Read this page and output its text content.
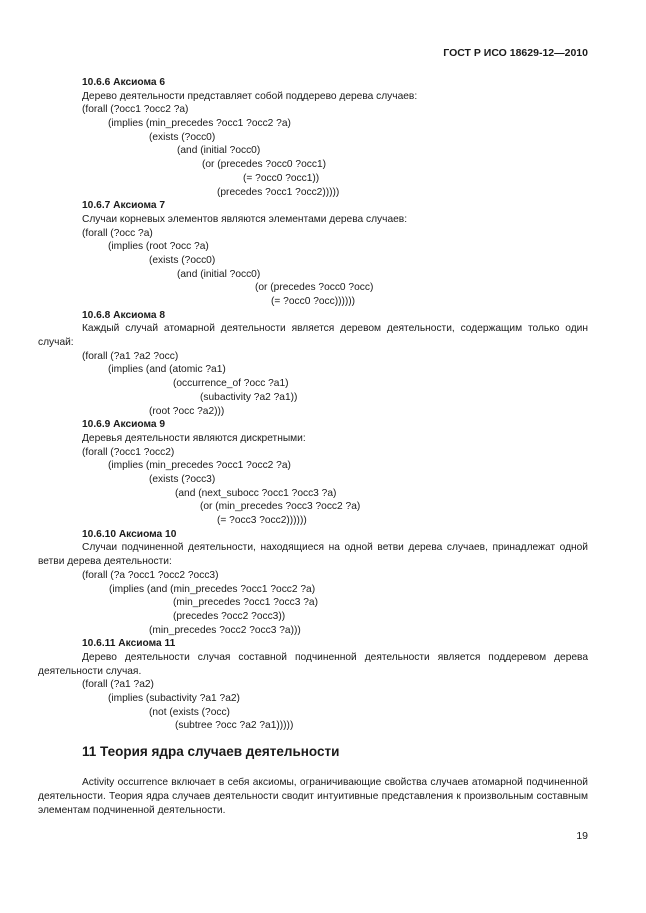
ГОСТ Р ИСО 18629-12—2010
10.6.6 Аксиома 6
Дерево деятельности представляет собой поддерево дерева случаев:
(forall (?occ1 ?occ2 ?a)
(implies (min_precedes ?occ1 ?occ2 ?a)
(exists (?occ0)
(and (initial ?occ0)
(or (precedes ?occ0 ?occ1)
(= ?occ0 ?occ1))
(precedes ?occ1 ?occ2)))))
10.6.7 Аксиома 7
Случаи корневых элементов являются элементами дерева случаев:
(forall (?occ ?a)
(implies (root ?occ ?a)
(exists (?occ0)
(and (initial ?occ0)
(or (precedes ?occ0 ?occ)
(= ?occ0 ?occ))))))
10.6.8 Аксиома 8
Каждый случай атомарной деятельности является деревом деятельности, содержащим только один случай:
(forall (?a1 ?a2 ?occ)
(implies (and (atomic ?a1)
(occurrence_of ?occ ?a1)
(subactivity ?a2 ?a1))
(root ?occ ?a2)))
10.6.9 Аксиома 9
Деревья деятельности являются дискретными:
(forall (?occ1 ?occ2)
(implies (min_precedes ?occ1 ?occ2 ?a)
(exists (?occ3)
(and (next_subocc ?occ1 ?occ3 ?a)
(or (min_precedes ?occ3 ?occ2 ?a)
(= ?occ3 ?occ2))))))
10.6.10 Аксиома 10
Случаи подчиненной деятельности, находящиеся на одной ветви дерева случаев, принадлежат одной ветви дерева деятельности:
(forall (?a ?occ1 ?occ2 ?occ3)
(implies (and (min_precedes ?occ1 ?occ2 ?a)
(min_precedes ?occ1 ?occ3 ?a)
(precedes ?occ2 ?occ3))
(min_precedes ?occ2 ?occ3 ?a)))
10.6.11 Аксиома 11
Дерево деятельности случая составной подчиненной деятельности является поддеревом дерева деятельности случая.
(forall (?a1 ?a2)
(implies (subactivity ?a1 ?a2)
(not (exists (?occ)
(subtree ?occ ?a2 ?a1)))))
11 Теория ядра случаев деятельности
Activity occurrence включает в себя аксиомы, ограничивающие свойства случаев атомарной подчиненной деятельности. Теория ядра случаев деятельности сводит интуитивные представления к произвольным составным элементам подчиненной деятельности.
19
